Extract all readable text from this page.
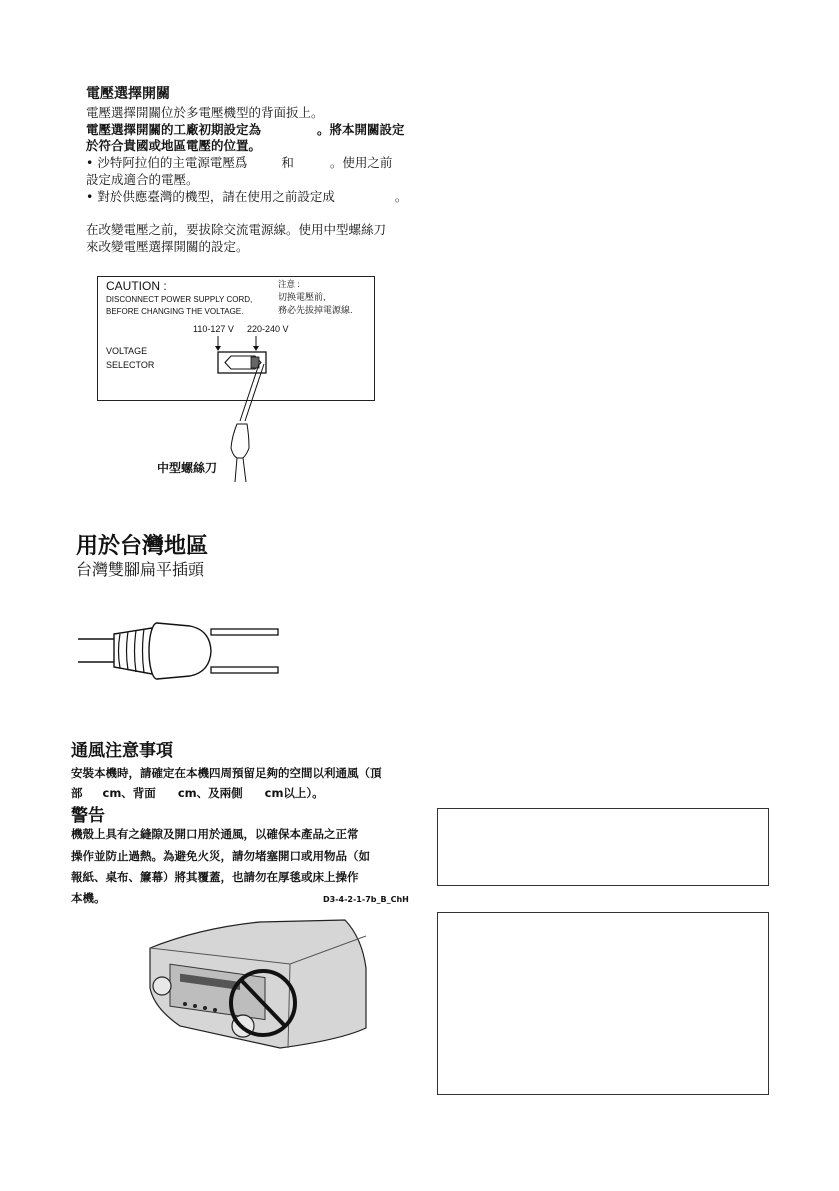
電壓選擇開關
電壓選擇開關位於多電壓機型的背面扳上。
電壓選擇開關的工廠初期設定為	。將本開關設定
於符合貴國或地區電壓的位置。
• 沙特阿拉伯的主電源電壓爲	和	。使用之前
設定成適合的電壓。
• 對於供應臺灣的機型，請在使用之前設定成	。
在改變電壓之前，要拔除交流電源線。使用中型螺絲刀
來改變電壓選擇開關的設定。
CAUTION :
DISCONNECT POWER SUPPLY CORD,
BEFORE CHANGING THE VOLTAGE.
注意 :
切换電壓前,
務必先拔掉電源線.
110-127 V 220-240 V
VOLTAGE
SELECTOR
中型螺絲刀
用於台灣地區
台灣雙腳扁平插頭
通風注意事項
安裝本機時，請確定在本機四周預留足夠的空間以利通風（頂
部 cm、背面 cm、及兩側 cm以上）。
警告
機殼上具有之縫隙及開口用於通風，以確保本產品之正常
操作並防止過熱。為避免火災，請勿堵塞開口或用物品（如
報紙、桌布、簾幕）將其覆蓋，也請勿在厚毯或床上操作
本機。	D3-4-2-1-7b_B_ChH
